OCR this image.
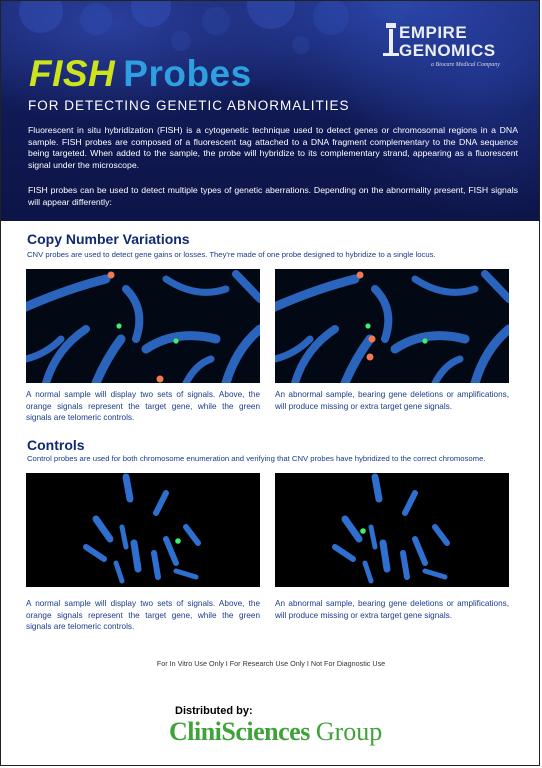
EMPIRE
GENOMICS
a Biocare Medical Company
FISH Probes
FOR DETECTING GENETIC ABNORMALITIES
Fluorescent in situ hybridization (FISH) is a cytogenetic technique used to detect genes or chromosomal regions in a DNA sample. FISH probes are composed of a fluorescent tag attached to a DNA fragment complementary to the DNA sequence being targeted. When added to the sample, the probe will hybridize to its complementary strand, appearing as a fluorescent signal under the microscope.
FISH probes can be used to detect multiple types of genetic aberrations. Depending on the abnormality present, FISH signals will appear differently:
Copy Number Variations
CNV probes are used to detect gene gains or losses. They're made of one probe designed to hybridize to a single locus.
A normal sample will display two sets of signals. Above, the orange signals represent the target gene, while the green signals are telomeric controls.
An abnormal sample, bearing gene deletions or amplifications, will produce missing or extra target gene signals.
Controls
Control probes are used for both chromosome enumeration and verifying that CNV probes have hybridized to the correct chromosome.
A normal sample will display two sets of signals. Above, the orange signals represent the target gene, while the green signals are telomeric controls.
An abnormal sample, bearing gene deletions or amplifications, will produce missing or extra target gene signals.
For In Vitro Use Only I For Research Use Only I Not For Diagnostic Use
Distributed by:
CliniSciences Group
